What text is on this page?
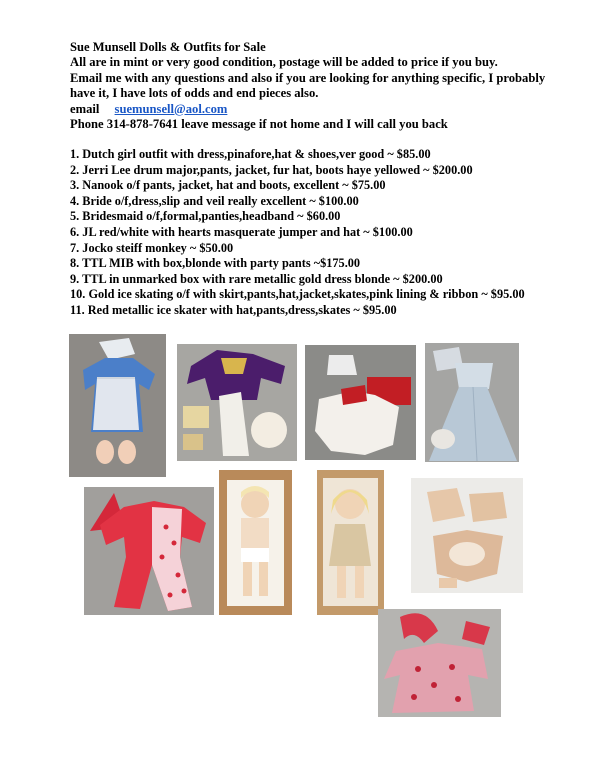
Sue Munsell Dolls & Outfits for Sale
All are in mint or very good condition, postage will be added to price if you buy.
Email me with any questions and also if you are looking for anything specific, I probably have it, I have lots of odds and end pieces also.
email suemunsell@aol.com
Phone 314-878-7641 leave message if not home and I will call you back
1. Dutch girl outfit with dress,pinafore,hat & shoes,ver good ~ $85.00
2. Jerri Lee drum major,pants, jacket, fur hat, boots haye yellowed ~ $200.00
3. Nanook o/f pants, jacket, hat and boots, excellent ~ $75.00
4. Bride o/f,dress,slip and veil really excellent ~ $100.00
5. Bridesmaid o/f,formal,panties,headband ~ $60.00
6. JL red/white with hearts masquerate jumper and hat ~ $100.00
7. Jocko steiff monkey ~ $50.00
8. TTL MIB with box,blonde with party pants ~$175.00
9. TTL in unmarked box with rare metallic gold dress blonde ~ $200.00
10. Gold ice skating o/f with skirt,pants,hat,jacket,skates,pink lining & ribbon ~ $95.00
11. Red metallic ice skater with hat,pants,dress,skates ~ $95.00
